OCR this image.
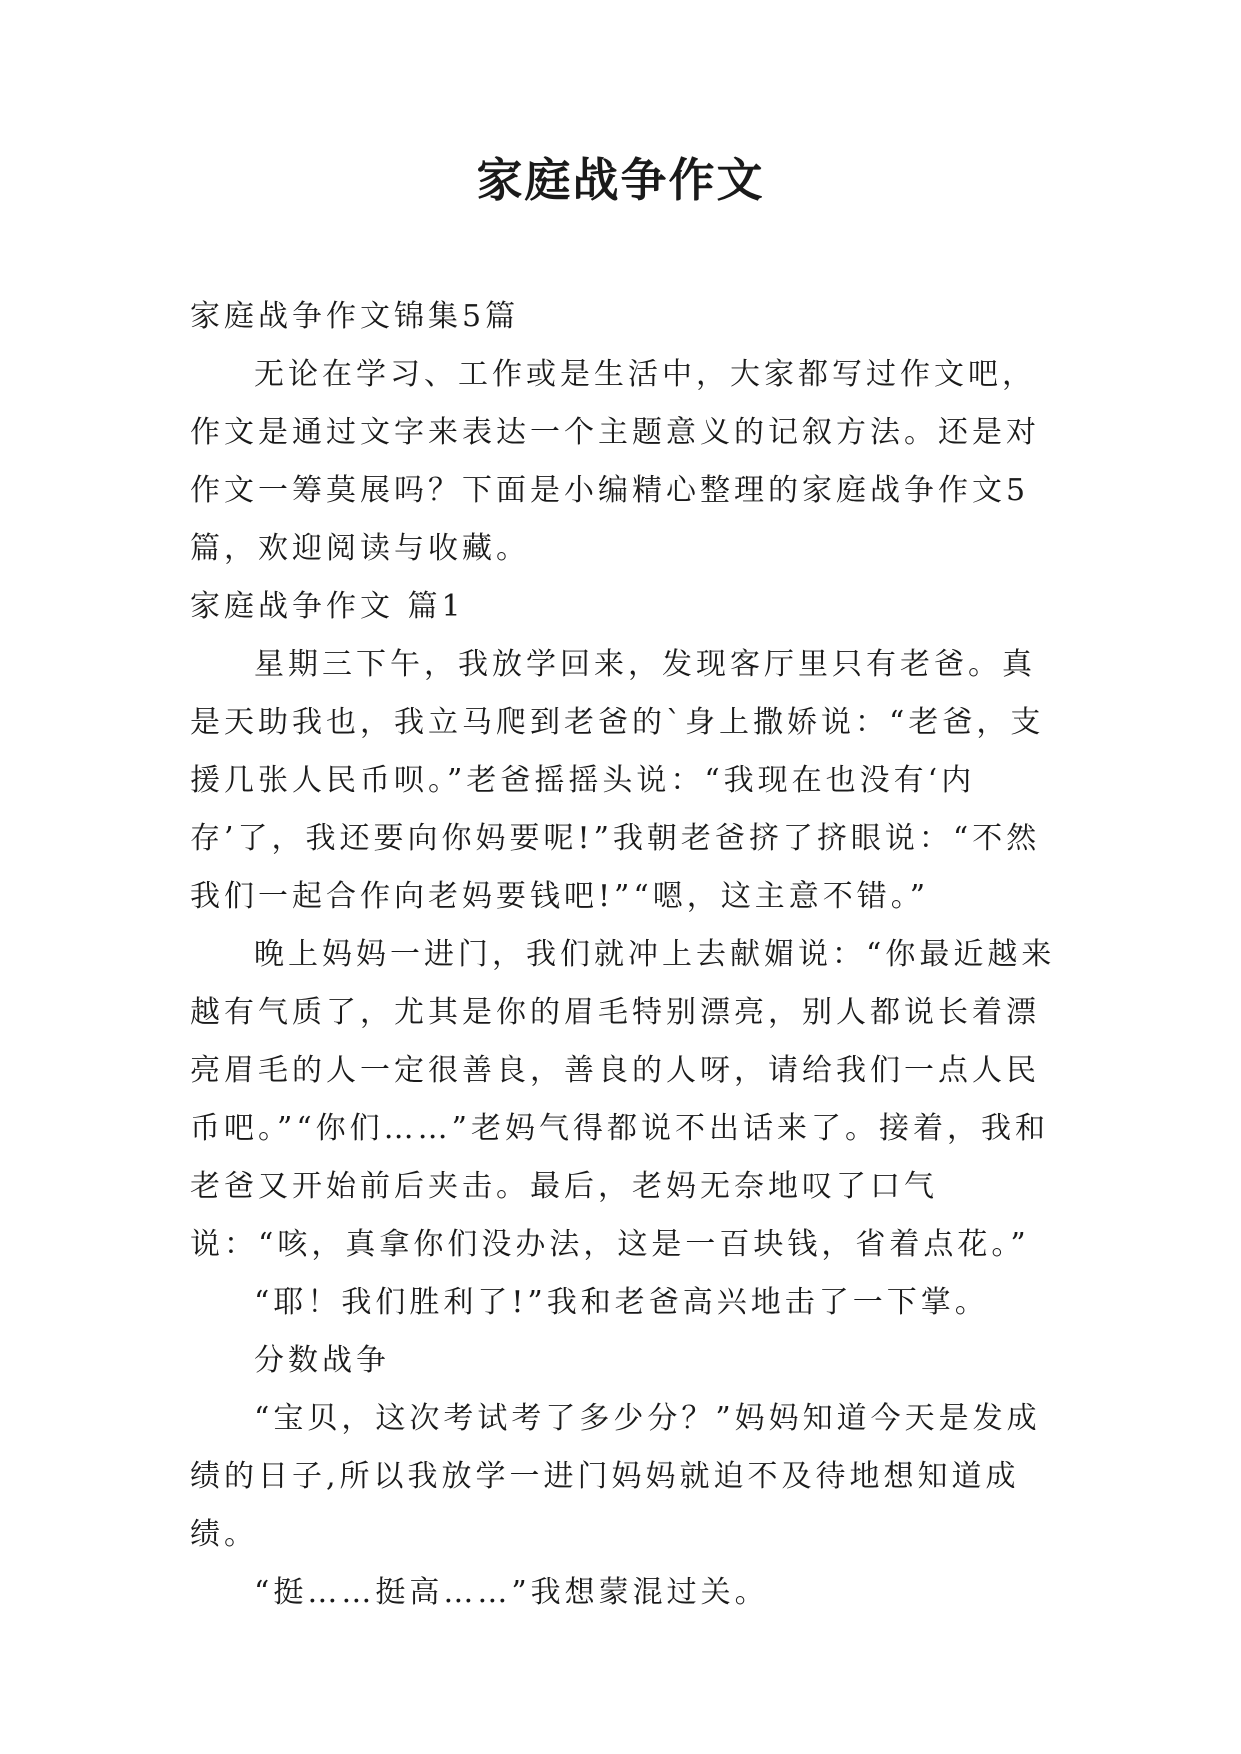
家庭战争作文

家庭战争作文锦集5篇

无论在学习、工作或是生活中，大家都写过作文吧，作文是通过文字来表达一个主题意义的记叙方法。还是对作文一筹莫展吗？下面是小编精心整理的家庭战争作文5篇，欢迎阅读与收藏。

家庭战争作文 篇1

星期三下午，我放学回来，发现客厅里只有老爸。真是天助我也，我立马爬到老爸的`身上撒娇说：“老爸，支援几张人民币呗。”老爸摇摇头说：“我现在也没有‘内存’了，我还要向你妈要呢!”我朝老爸挤了挤眼说：“不然我们一起合作向老妈要钱吧!”“嗯，这主意不错。”

晚上妈妈一进门，我们就冲上去献媚说：“你最近越来越有气质了，尤其是你的眉毛特别漂亮，别人都说长着漂亮眉毛的人一定很善良，善良的人呀，请给我们一点人民币吧。”“你们……”老妈气得都说不出话来了。接着，我和老爸又开始前后夹击。最后，老妈无奈地叹了口气说：“咳，真拿你们没办法，这是一百块钱，省着点花。”

“耶！我们胜利了!”我和老爸高兴地击了一下掌。

分数战争

“宝贝，这次考试考了多少分？”妈妈知道今天是发成绩的日子,所以我放学一进门妈妈就迫不及待地想知道成绩。

“挺……挺高……”我想蒙混过关。
